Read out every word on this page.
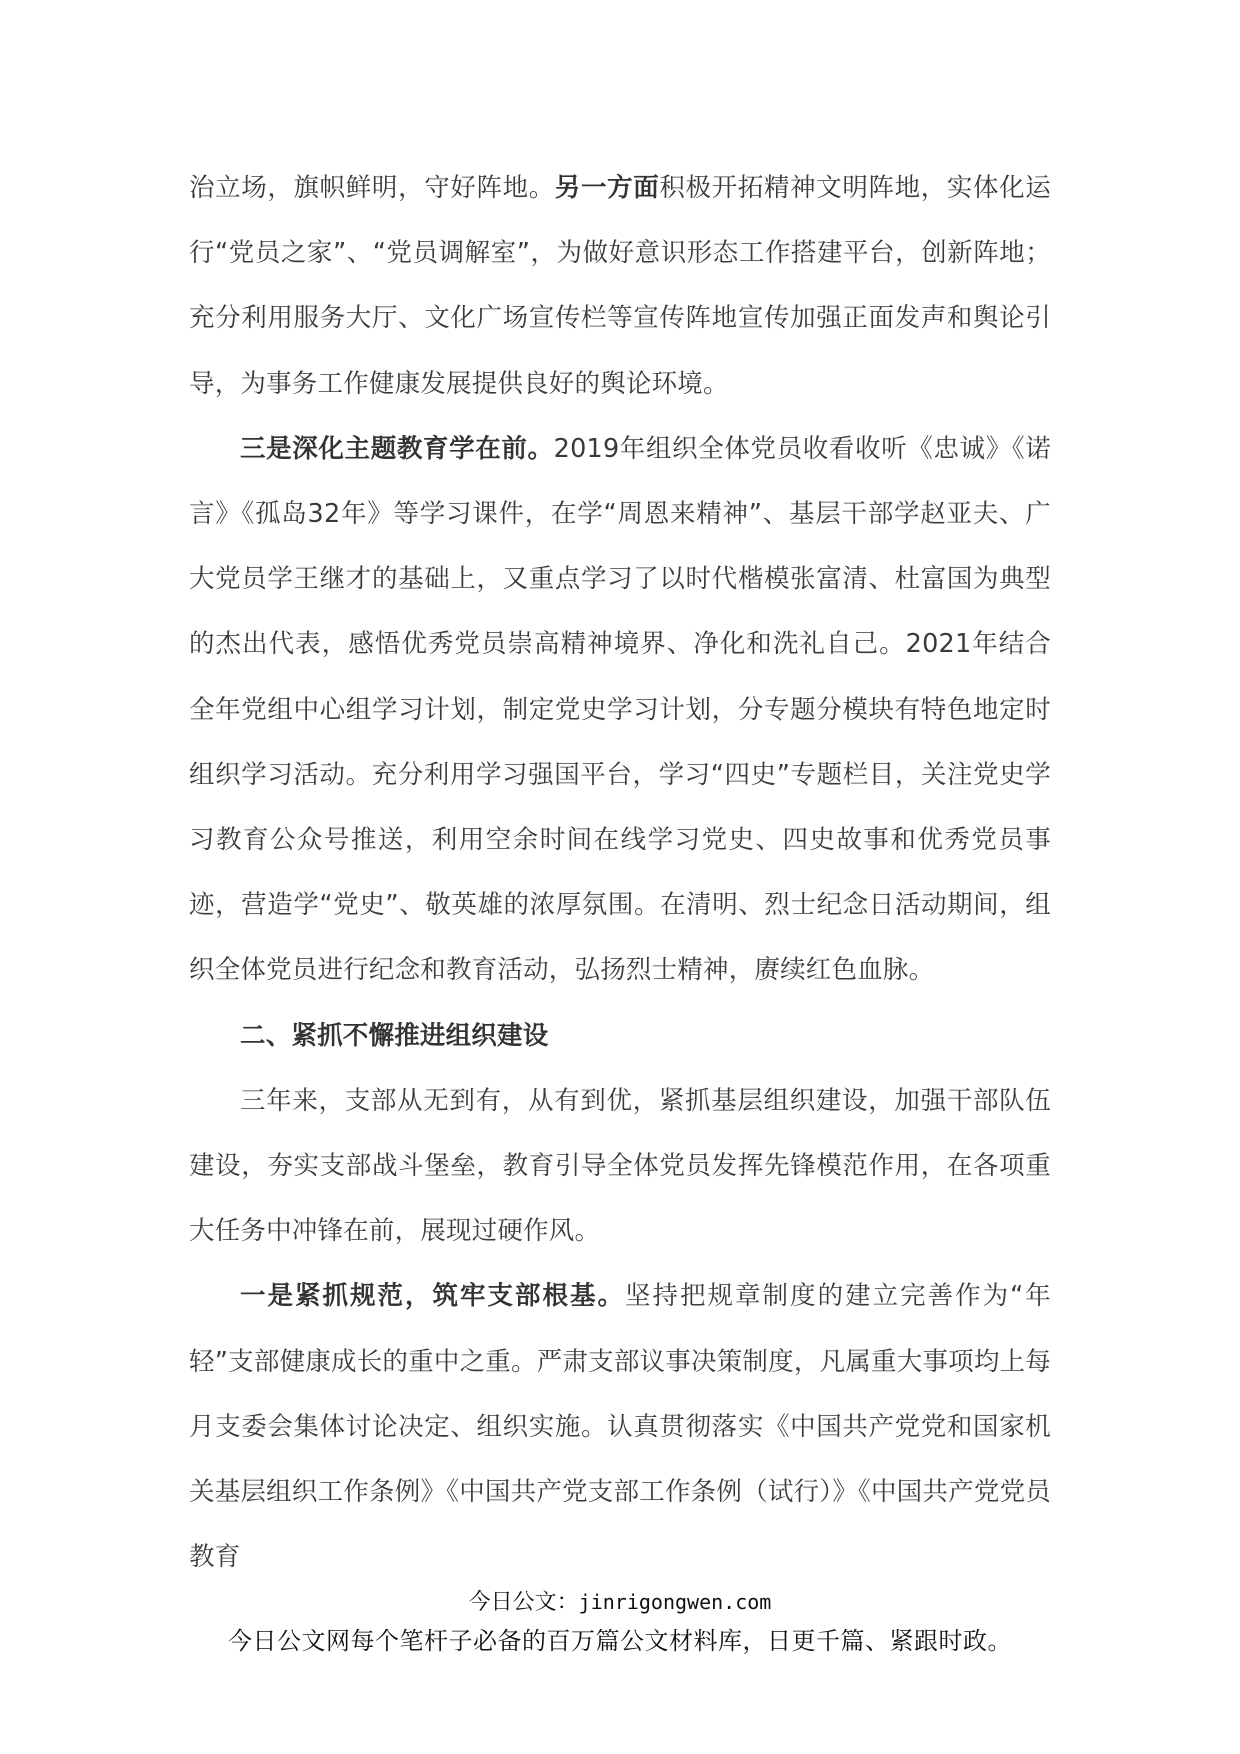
治立场，旗帜鲜明，守好阵地。另一方面积极开拓精神文明阵地，实体化运行“党员之家”、“党员调解室”，为做好意识形态工作搭建平台，创新阵地；充分利用服务大厅、文化广场宣传栏等宣传阵地宣传加强正面发声和舆论引导，为事务工作健康发展提供良好的舆论环境。

三是深化主题教育学在前。2019年组织全体党员收看收听《忠诚》《诺言》《孤岛32年》等学习课件，在学“周恩来精神”、基层干部学赵亚夫、广大党员学王继才的基础上，又重点学习了以时代楷模张富清、杜富国为典型的杰出代表，感悟优秀党员崇高精神境界、净化和洗礼自己。2021年结合全年党组中心组学习计划，制定党史学习计划，分专题分模块有特色地定时组织学习活动。充分利用学习强国平台，学习“四史”专题栏目，关注党史学习教育公众号推送，利用空余时间在线学习党史、四史故事和优秀党员事迹，营造学“党史”、敬英雄的浓厚氛围。在清明、烈士纪念日活动期间，组织全体党员进行纪念和教育活动，弘扬烈士精神，赓续红色血脉。

二、紧抓不懈推进组织建设

三年来，支部从无到有，从有到优，紧抓基层组织建设，加强干部队伍建设，夯实支部战斗堡垒，教育引导全体党员发挥先锋模范作用，在各项重大任务中冲锋在前，展现过硬作风。

一是紧抓规范，筑牢支部根基。坚持把规章制度的建立完善作为“年轻”支部健康成长的重中之重。严肃支部议事决策制度，凡属重大事项均上每月支委会集体讨论决定、组织实施。认真贯彻落实《中国共产党党和国家机关基层组织工作条例》《中国共产党支部工作条例（试行）》《中国共产党党员教育

今日公文：jinrigongwen.com
今日公文网每个笔杆子必备的百万篇公文材料库，日更千篇、紧跟时政。
